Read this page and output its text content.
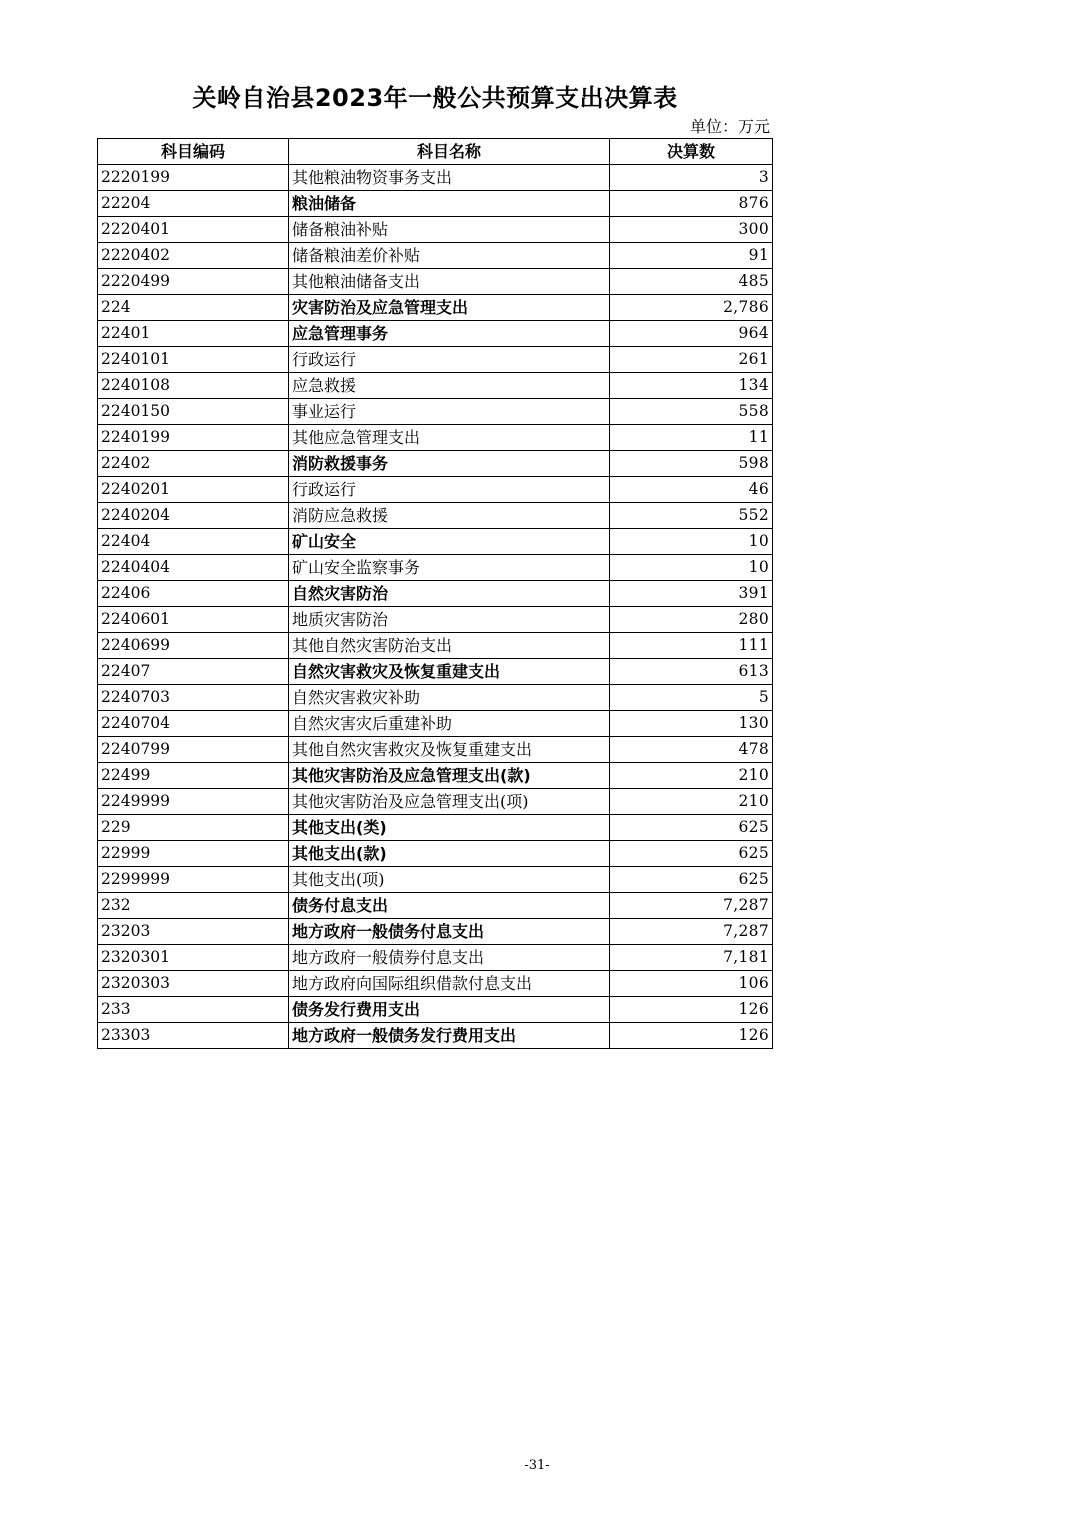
关岭自治县2023年一般公共预算支出决算表
单位：万元
科目编码	科目名称	决算数
2220199	其他粮油物资事务支出	3
22204	粮油储备	876
2220401	储备粮油补贴	300
2220402	储备粮油差价补贴	91
2220499	其他粮油储备支出	485
224	灾害防治及应急管理支出	2,786
22401	应急管理事务	964
2240101	行政运行	261
2240108	应急救援	134
2240150	事业运行	558
2240199	其他应急管理支出	11
22402	消防救援事务	598
2240201	行政运行	46
2240204	消防应急救援	552
22404	矿山安全	10
2240404	矿山安全监察事务	10
22406	自然灾害防治	391
2240601	地质灾害防治	280
2240699	其他自然灾害防治支出	111
22407	自然灾害救灾及恢复重建支出	613
2240703	自然灾害救灾补助	5
2240704	自然灾害灾后重建补助	130
2240799	其他自然灾害救灾及恢复重建支出	478
22499	其他灾害防治及应急管理支出(款)	210
2249999	其他灾害防治及应急管理支出(项)	210
229	其他支出(类)	625
22999	其他支出(款)	625
2299999	其他支出(项)	625
232	债务付息支出	7,287
23203	地方政府一般债务付息支出	7,287
2320301	地方政府一般债券付息支出	7,181
2320303	地方政府向国际组织借款付息支出	106
233	债务发行费用支出	126
23303	地方政府一般债务发行费用支出	126
-31-
